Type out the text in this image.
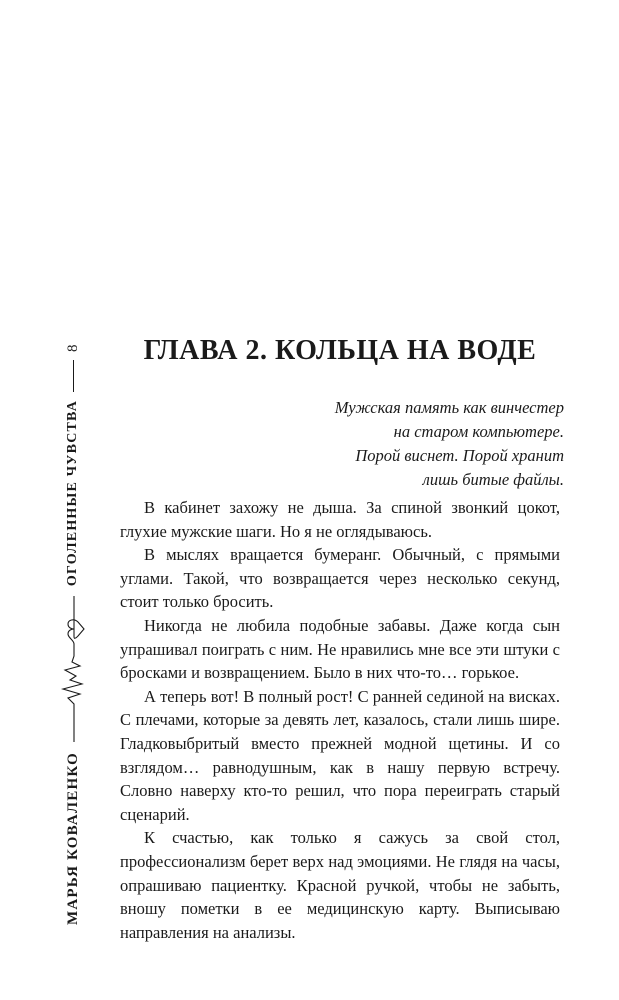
МАРЬЯ КОВАЛЕНКО
ОГОЛЕННЫЕ ЧУВСТВА
8	ГЛАВА 2. КОЛЬЦА НА ВОДЕ
Мужская память как винчестер
на старом компьютере.
Порой виснет. Порой хранит
лишь битые файлы.

В кабинет захожу не дыша. За спиной звонкий цокот, глухие мужские шаги. Но я не оглядываюсь.

В мыслях вращается бумеранг. Обычный, с прямыми углами. Такой, что возвращается через несколько секунд, стоит только бросить.

Никогда не любила подобные забавы. Даже когда сын упрашивал поиграть с ним. Не нравились мне все эти штуки с бросками и возвращением. Было в них что-то… горькое.

А теперь вот! В полный рост! С ранней сединой на висках. С плечами, которые за девять лет, казалось, стали лишь шире. Гладковыбритый вместо прежней модной щетины. И со взглядом… равнодушным, как в нашу первую встречу. Словно наверху кто-то решил, что пора переиграть старый сценарий.

К счастью, как только я сажусь за свой стол, профессионализм берет верх над эмоциями. Не глядя на часы, опрашиваю пациентку. Красной ручкой, чтобы не забыть, вношу пометки в ее медицинскую карту. Выписываю направления на анализы.
